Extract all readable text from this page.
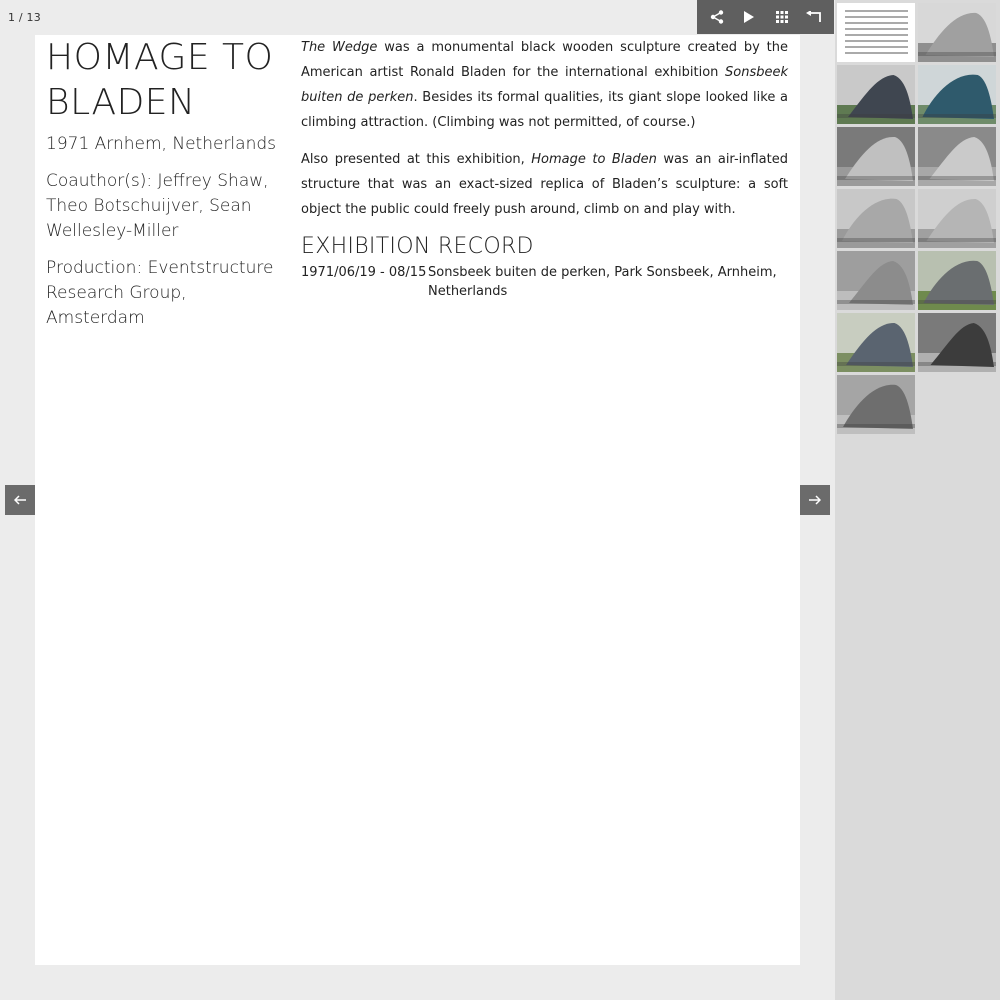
1 / 13
HOMAGE TO BLADEN
1971 Arnhem, Netherlands
Coauthor(s): Jeffrey Shaw, Theo Botschuijver, Sean Wellesley-Miller
Production: Eventstructure Research Group, Amsterdam

The Wedge was a monumental black wooden sculpture created by the American artist Ronald Bladen for the international exhibition Sonsbeek buiten de perken. Besides its formal qualities, its giant slope looked like a climbing attraction. (Climbing was not permitted, of course.)

Also presented at this exhibition, Homage to Bladen was an air-inflated structure that was an exact-sized replica of Bladen’s sculpture: a soft object the public could freely push around, climb on and play with.

EXHIBITION RECORD
1971/06/19 - 08/15 Sonsbeek buiten de perken, Park Sonsbeek, Arnheim, Netherlands
